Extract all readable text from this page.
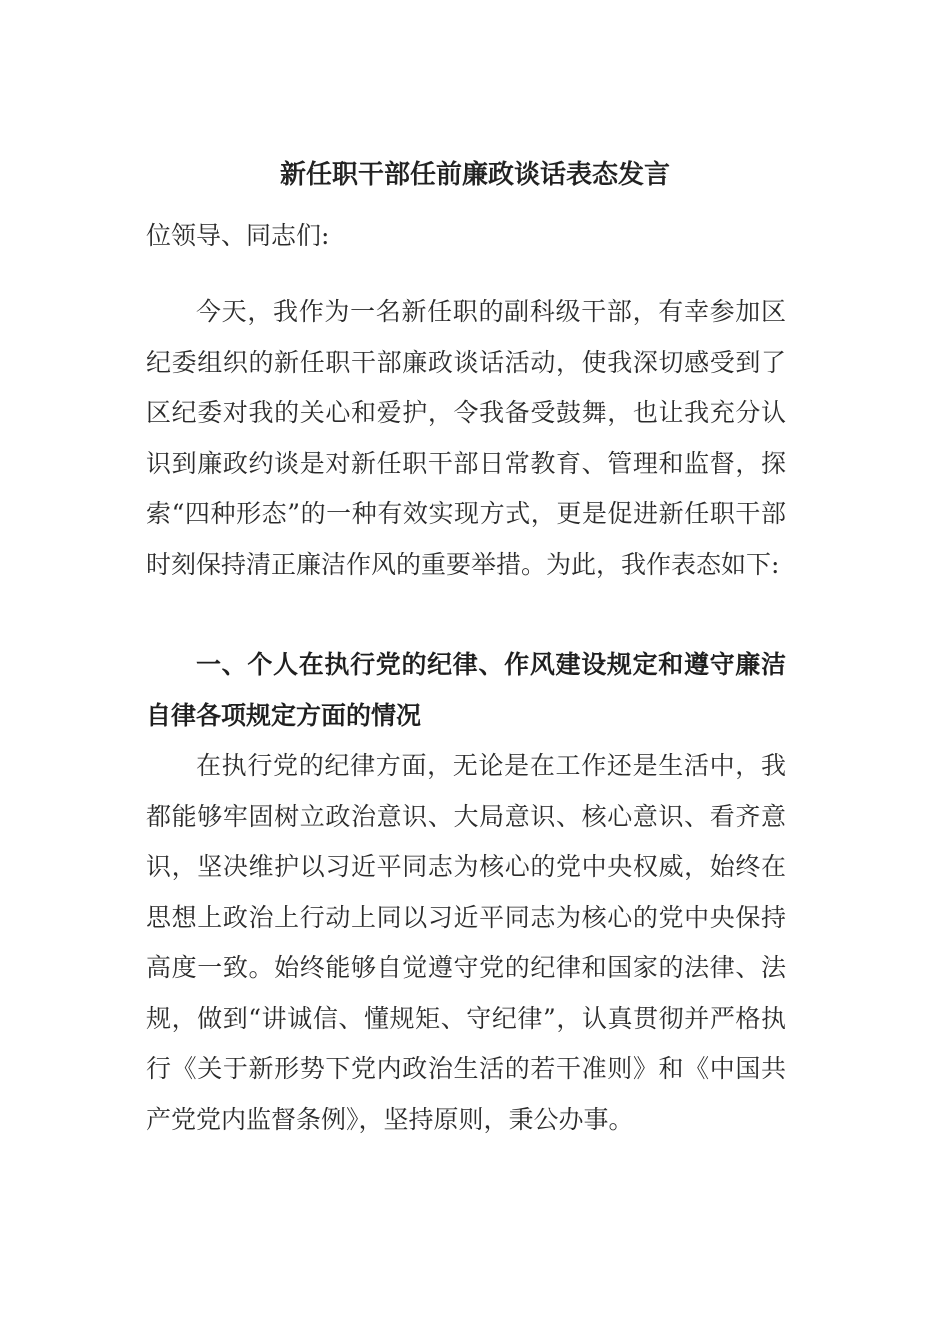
新任职干部任前廉政谈话表态发言

位领导、同志们:

今天，我作为一名新任职的副科级干部，有幸参加区纪委组织的新任职干部廉政谈话活动，使我深切感受到了区纪委对我的关心和爱护，令我备受鼓舞，也让我充分认识到廉政约谈是对新任职干部日常教育、管理和监督，探索“四种形态”的一种有效实现方式，更是促进新任职干部时刻保持清正廉洁作风的重要举措。为此，我作表态如下:

一、个人在执行党的纪律、作风建设规定和遵守廉洁自律各项规定方面的情况

在执行党的纪律方面，无论是在工作还是生活中，我都能够牢固树立政治意识、大局意识、核心意识、看齐意识，坚决维护以习近平同志为核心的党中央权威，始终在思想上政治上行动上同以习近平同志为核心的党中央保持高度一致。始终能够自觉遵守党的纪律和国家的法律、法规，做到“讲诚信、懂规矩、守纪律”，认真贯彻并严格执行《关于新形势下党内政治生活的若干准则》和《中国共产党党内监督条例》，坚持原则，秉公办事。
